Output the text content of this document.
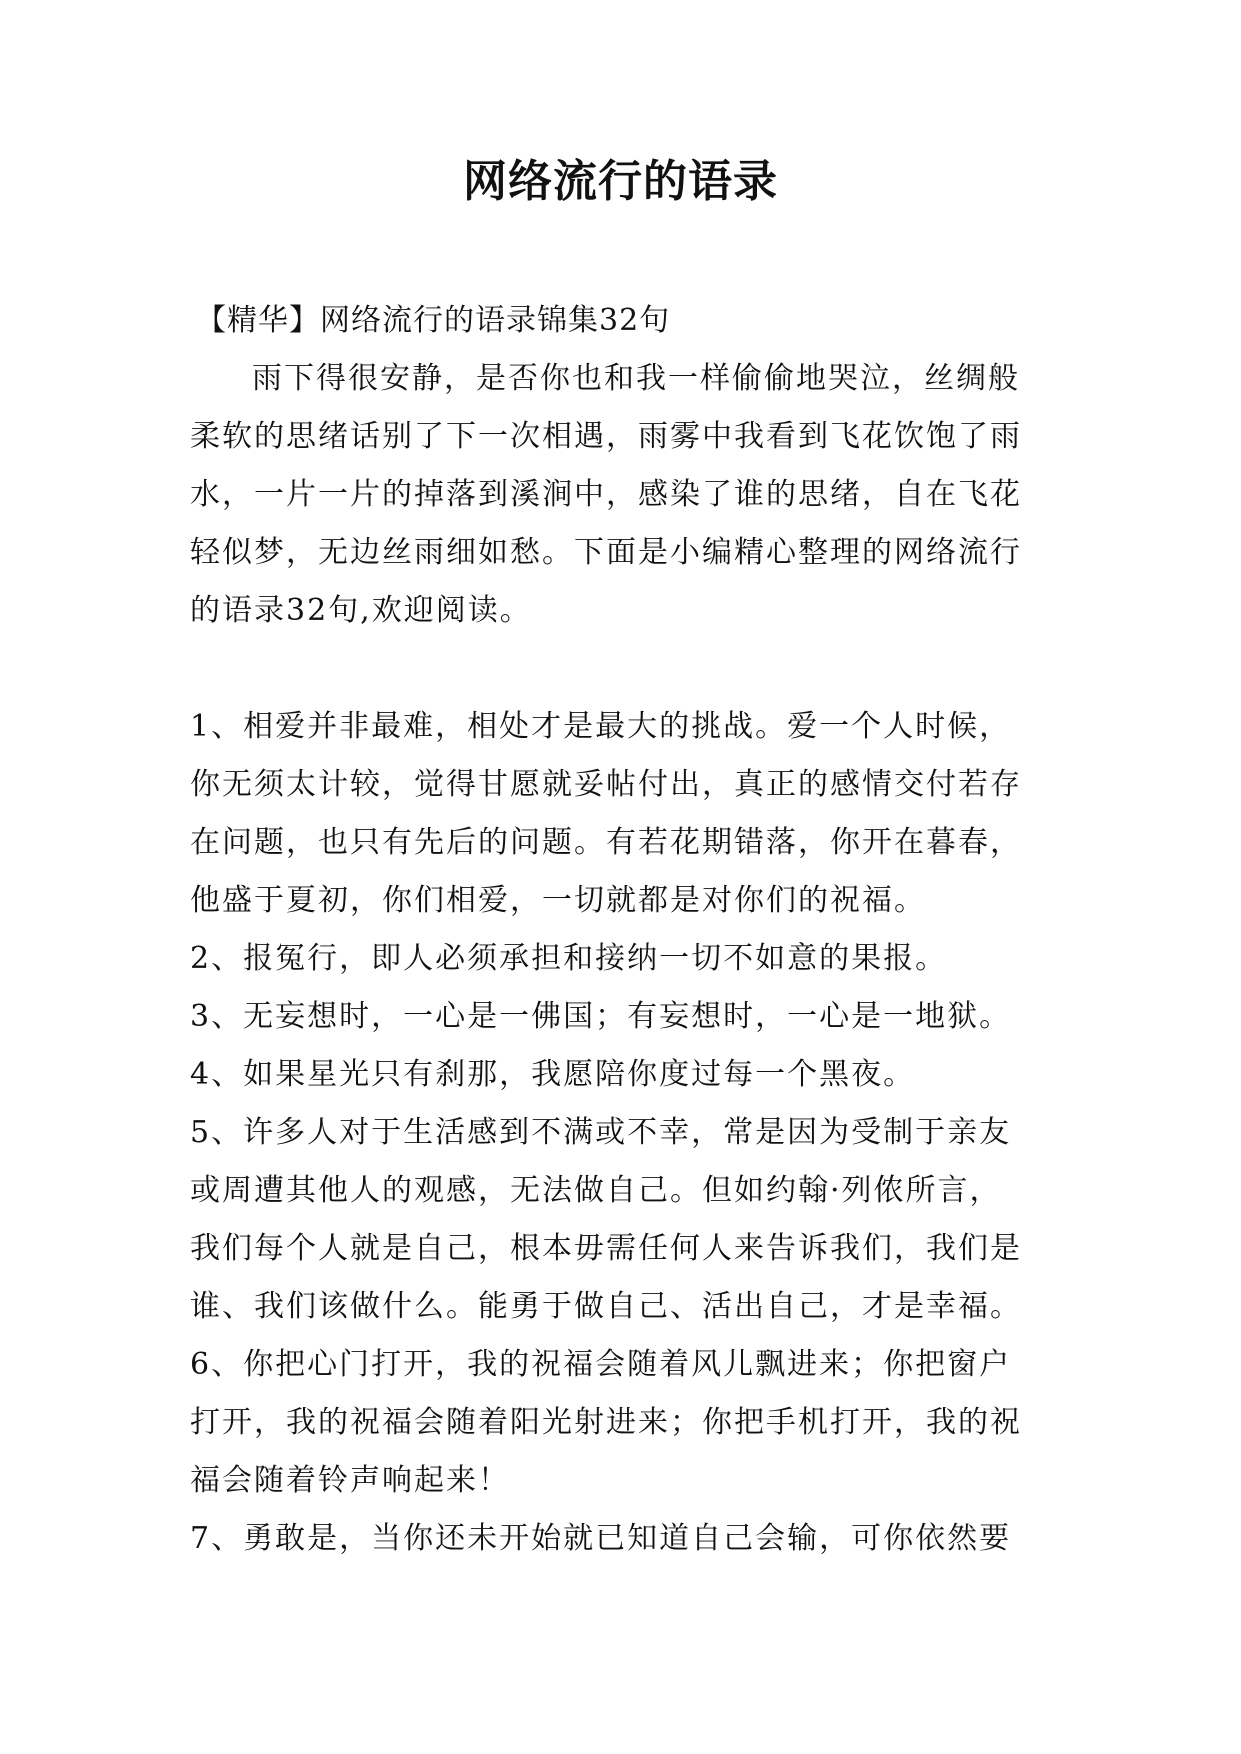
网络流行的语录
【精华】网络流行的语录锦集32句
雨下得很安静，是否你也和我一样偷偷地哭泣，丝绸般
柔软的思绪话别了下一次相遇，雨雾中我看到飞花饮饱了雨
水，一片一片的掉落到溪涧中，感染了谁的思绪，自在飞花
轻似梦，无边丝雨细如愁。下面是小编精心整理的网络流行
的语录32句,欢迎阅读。
1、相爱并非最难，相处才是最大的挑战。爱一个人时候，
你无须太计较，觉得甘愿就妥帖付出，真正的感情交付若存
在问题，也只有先后的问题。有若花期错落，你开在暮春，
他盛于夏初，你们相爱，一切就都是对你们的祝福。
2、报冤行，即人必须承担和接纳一切不如意的果报。
3、无妄想时，一心是一佛国；有妄想时，一心是一地狱。
4、如果星光只有刹那，我愿陪你度过每一个黑夜。
5、许多人对于生活感到不满或不幸，常是因为受制于亲友
或周遭其他人的观感，无法做自己。但如约翰·列侬所言，
我们每个人就是自己，根本毋需任何人来告诉我们，我们是
谁、我们该做什么。能勇于做自己、活出自己，才是幸福。
6、你把心门打开，我的祝福会随着风儿飘进来；你把窗户
打开，我的祝福会随着阳光射进来；你把手机打开，我的祝
福会随着铃声响起来！
7、勇敢是，当你还未开始就已知道自己会输，可你依然要
